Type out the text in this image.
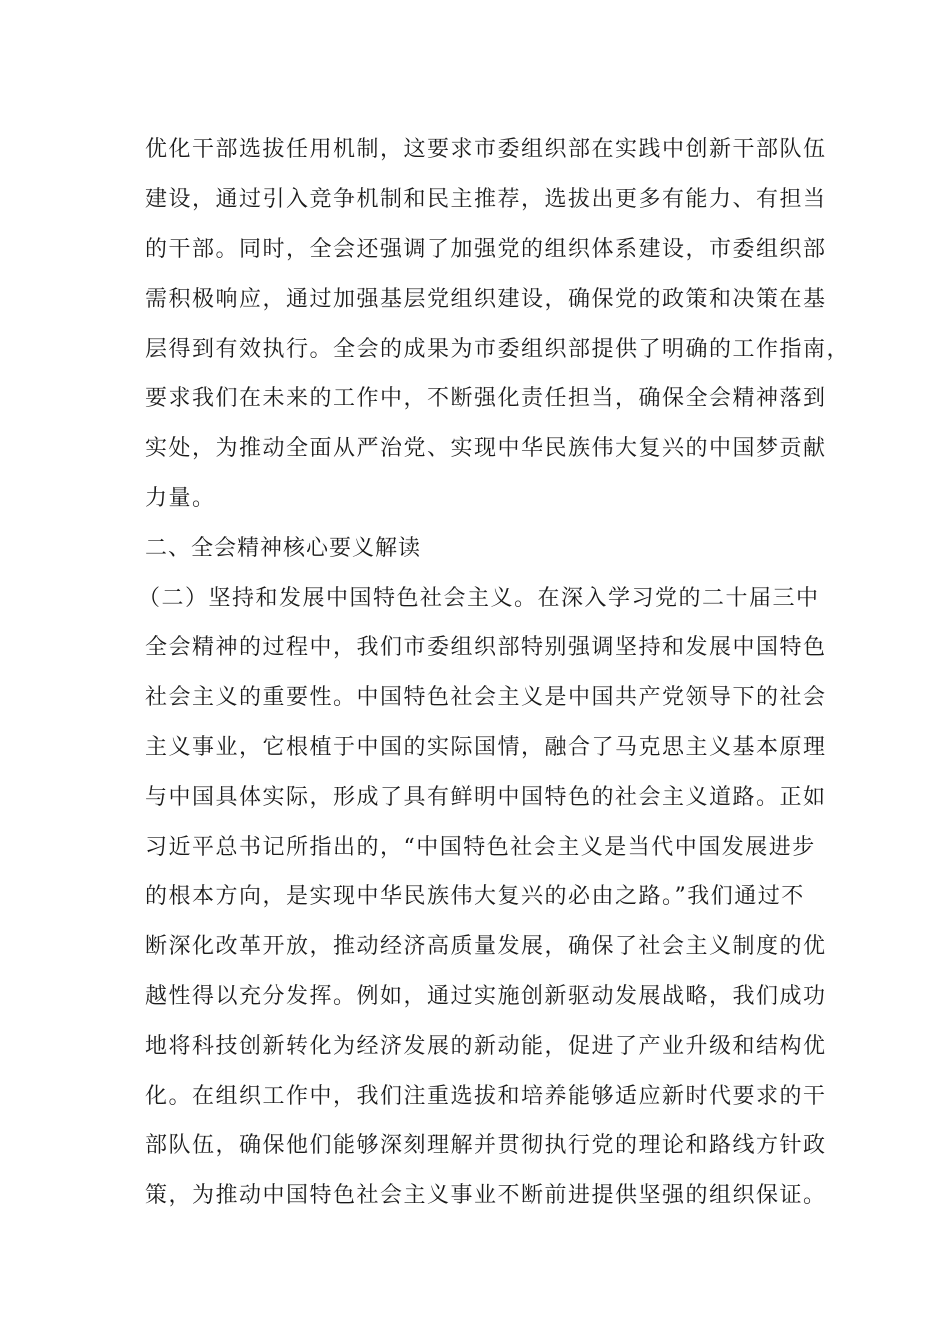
优化干部选拔任用机制，这要求市委组织部在实践中创新干部队伍
建设，通过引入竞争机制和民主推荐，选拔出更多有能力、有担当
的干部。同时，全会还强调了加强党的组织体系建设，市委组织部
需积极响应，通过加强基层党组织建设，确保党的政策和决策在基
层得到有效执行。全会的成果为市委组织部提供了明确的工作指南，
要求我们在未来的工作中，不断强化责任担当，确保全会精神落到
实处，为推动全面从严治党、实现中华民族伟大复兴的中国梦贡献
力量。
二、全会精神核心要义解读
（二）坚持和发展中国特色社会主义。在深入学习党的二十届三中
全会精神的过程中，我们市委组织部特别强调坚持和发展中国特色
社会主义的重要性。中国特色社会主义是中国共产党领导下的社会
主义事业，它根植于中国的实际国情，融合了马克思主义基本原理
与中国具体实际，形成了具有鲜明中国特色的社会主义道路。正如
习近平总书记所指出的，“中国特色社会主义是当代中国发展进步
的根本方向，是实现中华民族伟大复兴的必由之路。”我们通过不
断深化改革开放，推动经济高质量发展，确保了社会主义制度的优
越性得以充分发挥。例如，通过实施创新驱动发展战略，我们成功
地将科技创新转化为经济发展的新动能，促进了产业升级和结构优
化。在组织工作中，我们注重选拔和培养能够适应新时代要求的干
部队伍，确保他们能够深刻理解并贯彻执行党的理论和路线方针政
策，为推动中国特色社会主义事业不断前进提供坚强的组织保证。
